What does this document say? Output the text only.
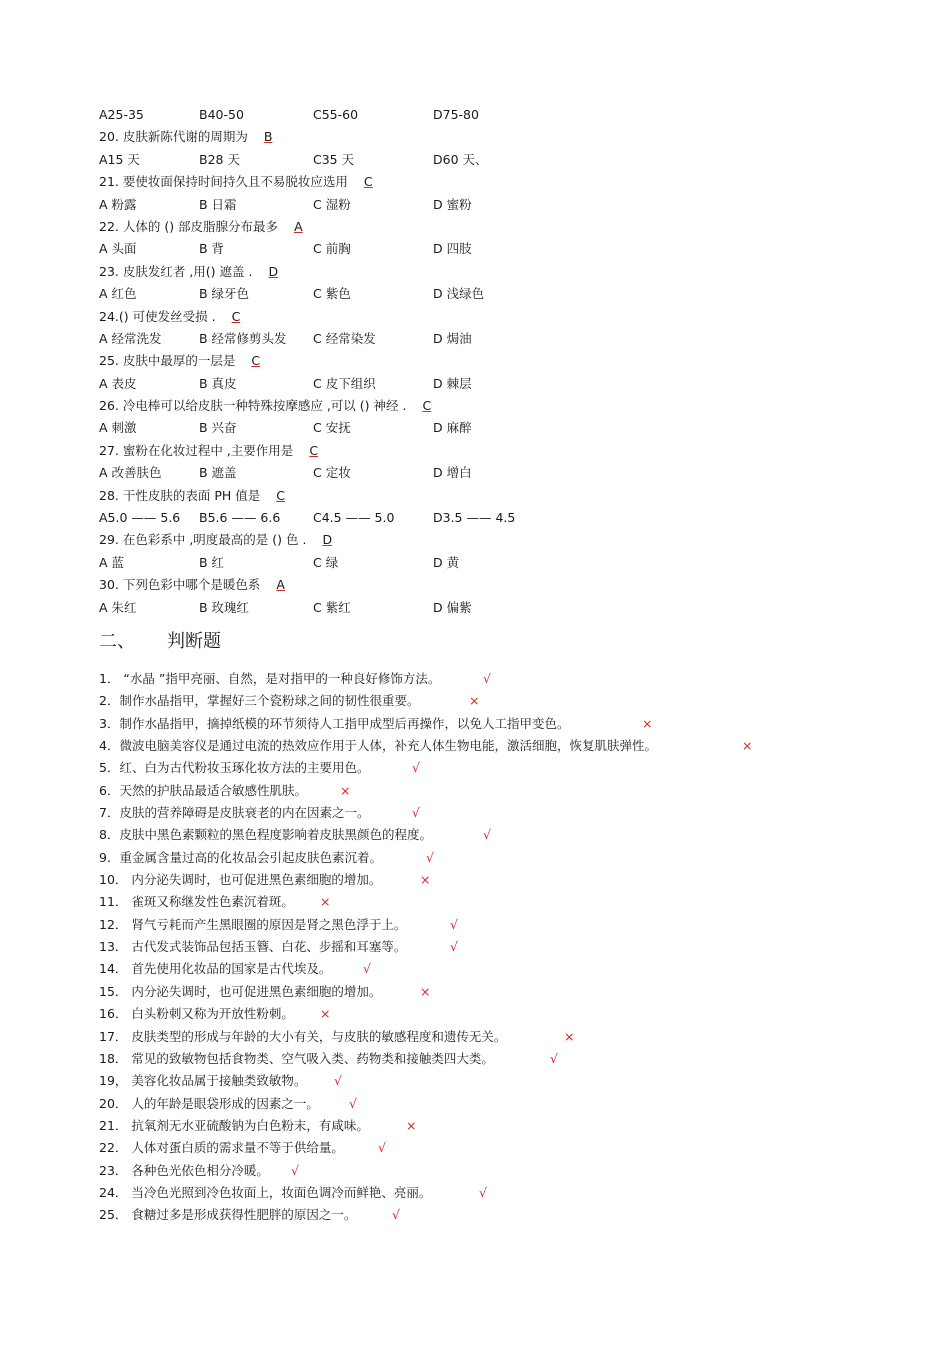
A25-35	B40-50	C55-60	D75-80
20. 皮肤新陈代谢的周期为 B
A15 天	B28 天	C35 天	D60 天、
21. 要使妆面保持时间持久且不易脱妆应选用 C
A 粉露	B 日霜	C 湿粉	D 蜜粉
22. 人体的 () 部皮脂腺分布最多 A
A 头面	B 背	C 前胸	D 四肢
23. 皮肤发红者 ,用() 遮盖 . D
A 红色	B 绿牙色	C 紫色	D 浅绿色
24.() 可使发丝受损 . C
A 经常洗发	B 经常修剪头发 C 经常染发	D 焗油
25. 皮肤中最厚的一层是 C
A 表皮	B 真皮	C 皮下组织	D 棘层
26. 冷电棒可以给皮肤一种特殊按摩感应 ,可以 () 神经 . C
A 刺激	B 兴奋	C 安抚	D 麻醉
27. 蜜粉在化妆过程中 ,主要作用是 C
A 改善肤色	B 遮盖	C 定妆	D 增白
28. 干性皮肤的表面 PH 值是 C
A5.0 —— 5.6 B5.6 —— 6.6	C4.5 —— 5.0	D3.5 —— 4.5
29. 在色彩系中 ,明度最高的是 () 色 . D
A 蓝	B 红	C 绿	D 黄
30. 下列色彩中哪个是暖色系 A
A 朱红	B 玫瑰红	C 紫红	D 偏紫
二、 判断题
1． “水晶 ”指甲亮丽、自然，是对指甲的一种良好修饰方法。	√
2．制作水晶指甲，掌握好三个瓷粉球之间的韧性很重要。	×
3．制作水晶指甲，摘掉纸模的环节须待人工指甲成型后再操作，以免人工指甲变色。	×
4．微波电脑美容仪是通过电流的热效应作用于人体，补充人体生物电能，激活细胞，恢复肌肤弹性。	×
5．红、白为古代粉妆玉琢化妆方法的主要用色。	√
6．天然的护肤品最适合敏感性肌肤。	×
7．皮肤的营养障碍是皮肤衰老的内在因素之一。	√
8．皮肤中黑色素颗粒的黑色程度影响着皮肤黑颜色的程度。	√
9．重金属含量过高的化妆品会引起皮肤色素沉着。	√
10． 内分泌失调时，也可促进黑色素细胞的增加。	×
11． 雀斑又称继发性色素沉着斑。 ×
12． 肾气亏耗而产生黑眼圈的原因是肾之黑色浮于上。	√
13． 古代发式装饰品包括玉簪、白花、步摇和耳塞等。	√
14． 首先使用化妆品的国家是古代埃及。	√
15． 内分泌失调时，也可促进黑色素细胞的增加。	×
16． 白头粉刺又称为开放性粉刺。 ×
17． 皮肤类型的形成与年龄的大小有关，与皮肤的敏感程度和遗传无关。	×
18． 常见的致敏物包括食物类、空气吸入类、药物类和接触类四大类。	√
19， 美容化妆品属于接触类致敏物。 √
20． 人的年龄是眼袋形成的因素之一。 √
21． 抗氧剂无水亚硫酸钠为白色粉末，有咸味。	×
22． 人体对蛋白质的需求量不等于供给量。	√
23． 各种色光依色相分冷暖。 √
24． 当冷色光照到冷色妆面上，妆面色调冷而鲜艳、亮丽。	√
25． 食糖过多是形成获得性肥胖的原因之一。	√
